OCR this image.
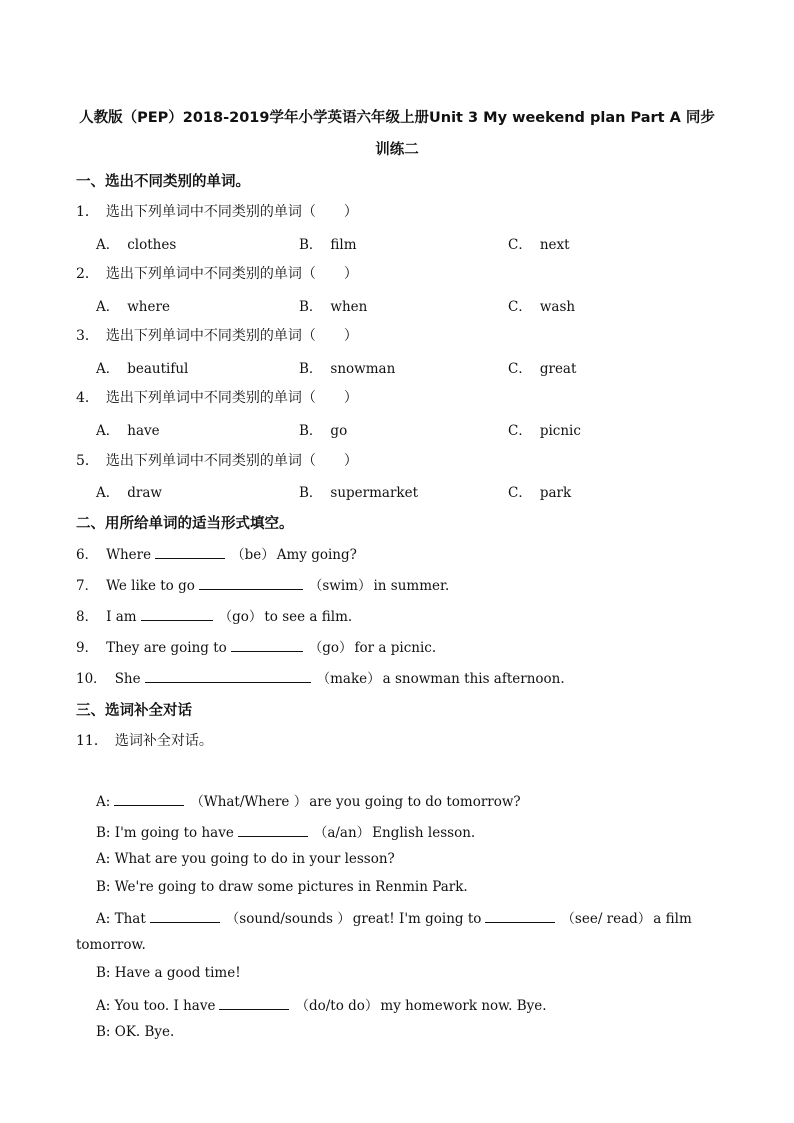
人教版（PEP）2018-2019学年小学英语六年级上册Unit 3 My weekend plan Part A 同步
训练二
一、选出不同类别的单词。
1． 选出下列单词中不同类别的单词（　　）
A． clothes	B． film	C． next
2． 选出下列单词中不同类别的单词（　　）
A． where	B． when	C． wash
3． 选出下列单词中不同类别的单词（　　）
A． beautiful	B． snowman	C． great
4． 选出下列单词中不同类别的单词（　　）
A． have	B． go	C． picnic
5． 选出下列单词中不同类别的单词（　　）
A． draw	B． supermarket	C． park
二、用所给单词的适当形式填空。
6． Where	（be） Amy going?
7． We like to go	（swim） in summer.
8． I am	（go） to see a film.
9． They are going to	（go） for a picnic.
10． She	（make） a snowman this afternoon.
三、选词补全对话
11． 选词补全对话。
A:	（What/Where ） are you going to do tomorrow?
B: I'm going to have	（a/an） English lesson.
A: What are you going to do in your lesson?
B: We're going to draw some pictures in Renmin Park.
A: That	（sound/sounds ） great! I'm going to	（see/ read） a film
tomorrow.
B: Have a good time!
A: You too. I have	（do/to do） my homework now. Bye.
B: OK. Bye.
